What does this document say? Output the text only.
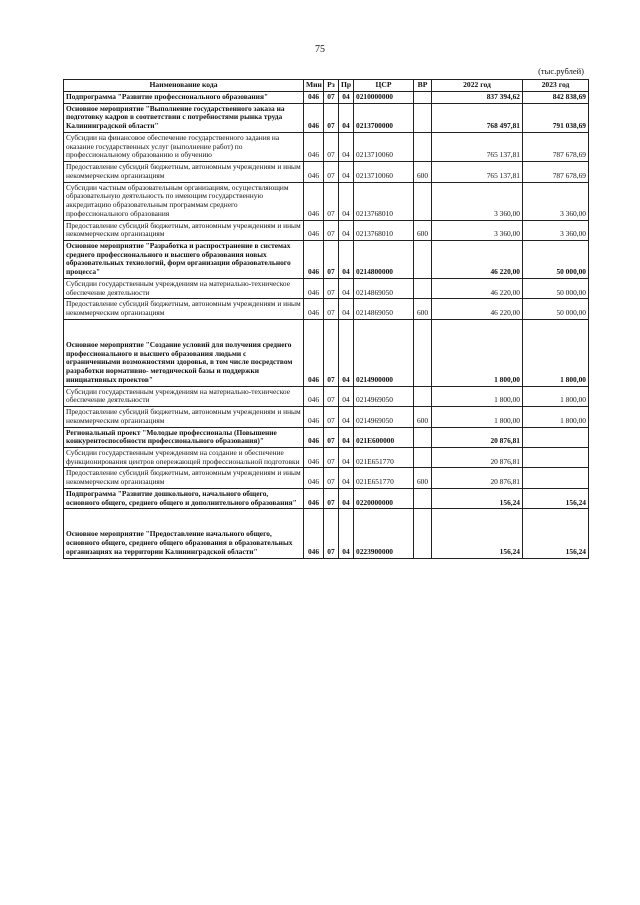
75
(тыс.рублей)
Наименование кода	Мин	Рз	Пр	ЦСР	ВР	2022 год	2023 год
Подпрограмма "Развитие профессионального образования"	046	07	04	0210000000		837 394,62	842 838,69
Основное мероприятие "Выполнение государственного заказа на подготовку кадров в соответствии с потребностями рынка труда Калининградской области"	046	07	04	0213700000		768 497,81	791 038,69
Субсидии на финансовое обеспечение государственного задания на оказание государственных услуг (выполнение работ) по профессиональному образованию и обучению	046	07	04	0213710060		765 137,81	787 678,69
Предоставление субсидий бюджетным, автономным учреждениям и иным некоммерческим организациям	046	07	04	0213710060	600	765 137,81	787 678,69
Субсидии частным образовательным организациям, осуществляющим образовательную деятельность по имеющим государственную аккредитацию образовательным программам среднего профессионального образования	046	07	04	0213768010		3 360,00	3 360,00
Предоставление субсидий бюджетным, автономным учреждениям и иным некоммерческим организациям	046	07	04	0213768010	600	3 360,00	3 360,00
Основное мероприятие "Разработка и распространение в системах среднего профессионального и высшего образования новых образовательных технологий, форм организации образовательного процесса"	046	07	04	0214800000		46 220,00	50 000,00
Субсидии государственным учреждениям на материально-техническое обеспечение деятельности	046	07	04	0214869050		46 220,00	50 000,00
Предоставление субсидий бюджетным, автономным учреждениям и иным некоммерческим организациям	046	07	04	0214869050	600	46 220,00	50 000,00

Основное мероприятие "Создание условий для получения среднего профессионального и высшего образования людьми с ограниченными возможностями здоровья, в том числе посредством разработки нормативно- методической базы и поддержки инициативных проектов"	046	07	04	0214900000		1 800,00	1 800,00
Субсидии государственным учреждениям на материально-техническое обеспечение деятельности	046	07	04	0214969050		1 800,00	1 800,00
Предоставление субсидий бюджетным, автономным учреждениям и иным некоммерческим организациям	046	07	04	0214969050	600	1 800,00	1 800,00
Региональный проект "Молодые профессионалы (Повышение конкурентоспособности профессионального образования)"	046	07	04	021E600000		20 876,81	
Субсидии государственным учреждениям на создание и обеспечение функционирования центров опережающей профессиональной подготовки	046	07	04	021E651770		20 876,81	
Предоставление субсидий бюджетным, автономным учреждениям и иным некоммерческим организациям	046	07	04	021E651770	600	20 876,81	
Подпрограмма "Развитие дошкольного, начального общего, основного общего, среднего общего и дополнительного образования"	046	07	04	0220000000		156,24	156,24

Основное мероприятие "Предоставление начального общего, основного общего, среднего общего образования в образовательных организациях на территории Калининградской области"	046	07	04	0223900000		156,24	156,24
